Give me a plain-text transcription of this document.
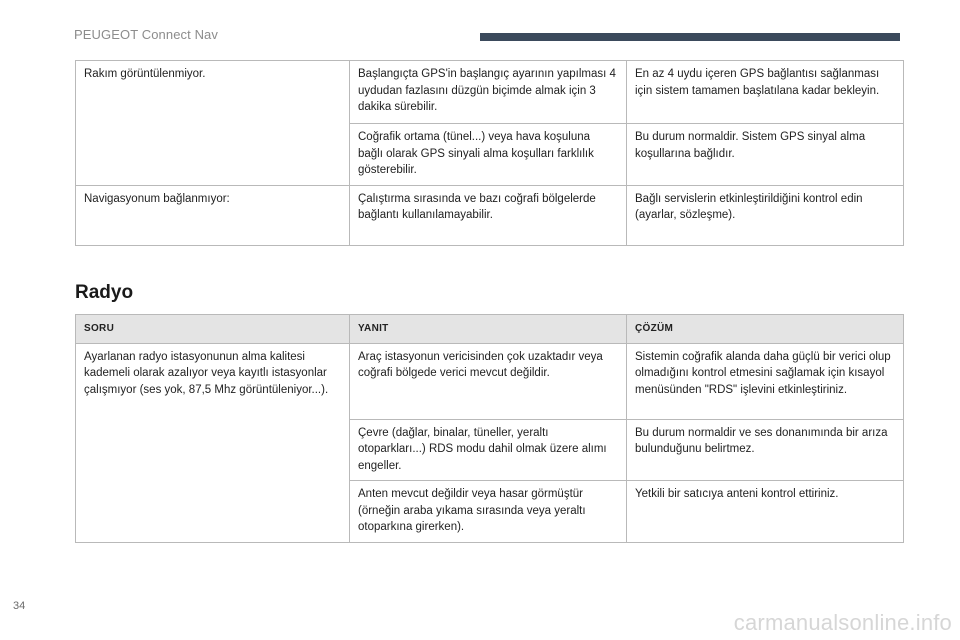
PEUGEOT Connect Nav
Rakım görüntülenmiyor.	Başlangıçta GPS'in başlangıç ayarının yapılması 4 uydudan fazlasını düzgün biçimde almak için 3 dakika sürebilir.	En az 4 uydu içeren GPS bağlantısı sağlanması için sistem tamamen başlatılana kadar bekleyin.
	Coğrafik ortama (tünel...) veya hava koşuluna bağlı olarak GPS sinyali alma koşulları farklılık gösterebilir.	Bu durum normaldir. Sistem GPS sinyal alma koşullarına bağlıdır.
Navigasyonum bağlanmıyor:	Çalıştırma sırasında ve bazı coğrafi bölgelerde bağlantı kullanılamayabilir.	Bağlı servislerin etkinleştirildiğini kontrol edin (ayarlar, sözleşme).
Radyo
SORU	YANIT	ÇÖZÜM
Ayarlanan radyo istasyonunun alma kalitesi kademeli olarak azalıyor veya kayıtlı istasyonlar çalışmıyor (ses yok, 87,5 Mhz görüntüleniyor...).	Araç istasyonun vericisinden çok uzaktadır veya coğrafi bölgede verici mevcut değildir.	Sistemin coğrafik alanda daha güçlü bir verici olup olmadığını kontrol etmesini sağlamak için kısayol menüsünden "RDS" işlevini etkinleştiriniz.
	Çevre (dağlar, binalar, tüneller, yeraltı otoparkları...) RDS modu dahil olmak üzere alımı engeller.	Bu durum normaldir ve ses donanımında bir arıza bulunduğunu belirtmez.
	Anten mevcut değildir veya hasar görmüştür (örneğin araba yıkama sırasında veya yeraltı otoparkına girerken).	Yetkili bir satıcıya anteni kontrol ettiriniz.
34
carmanualsonline.info
